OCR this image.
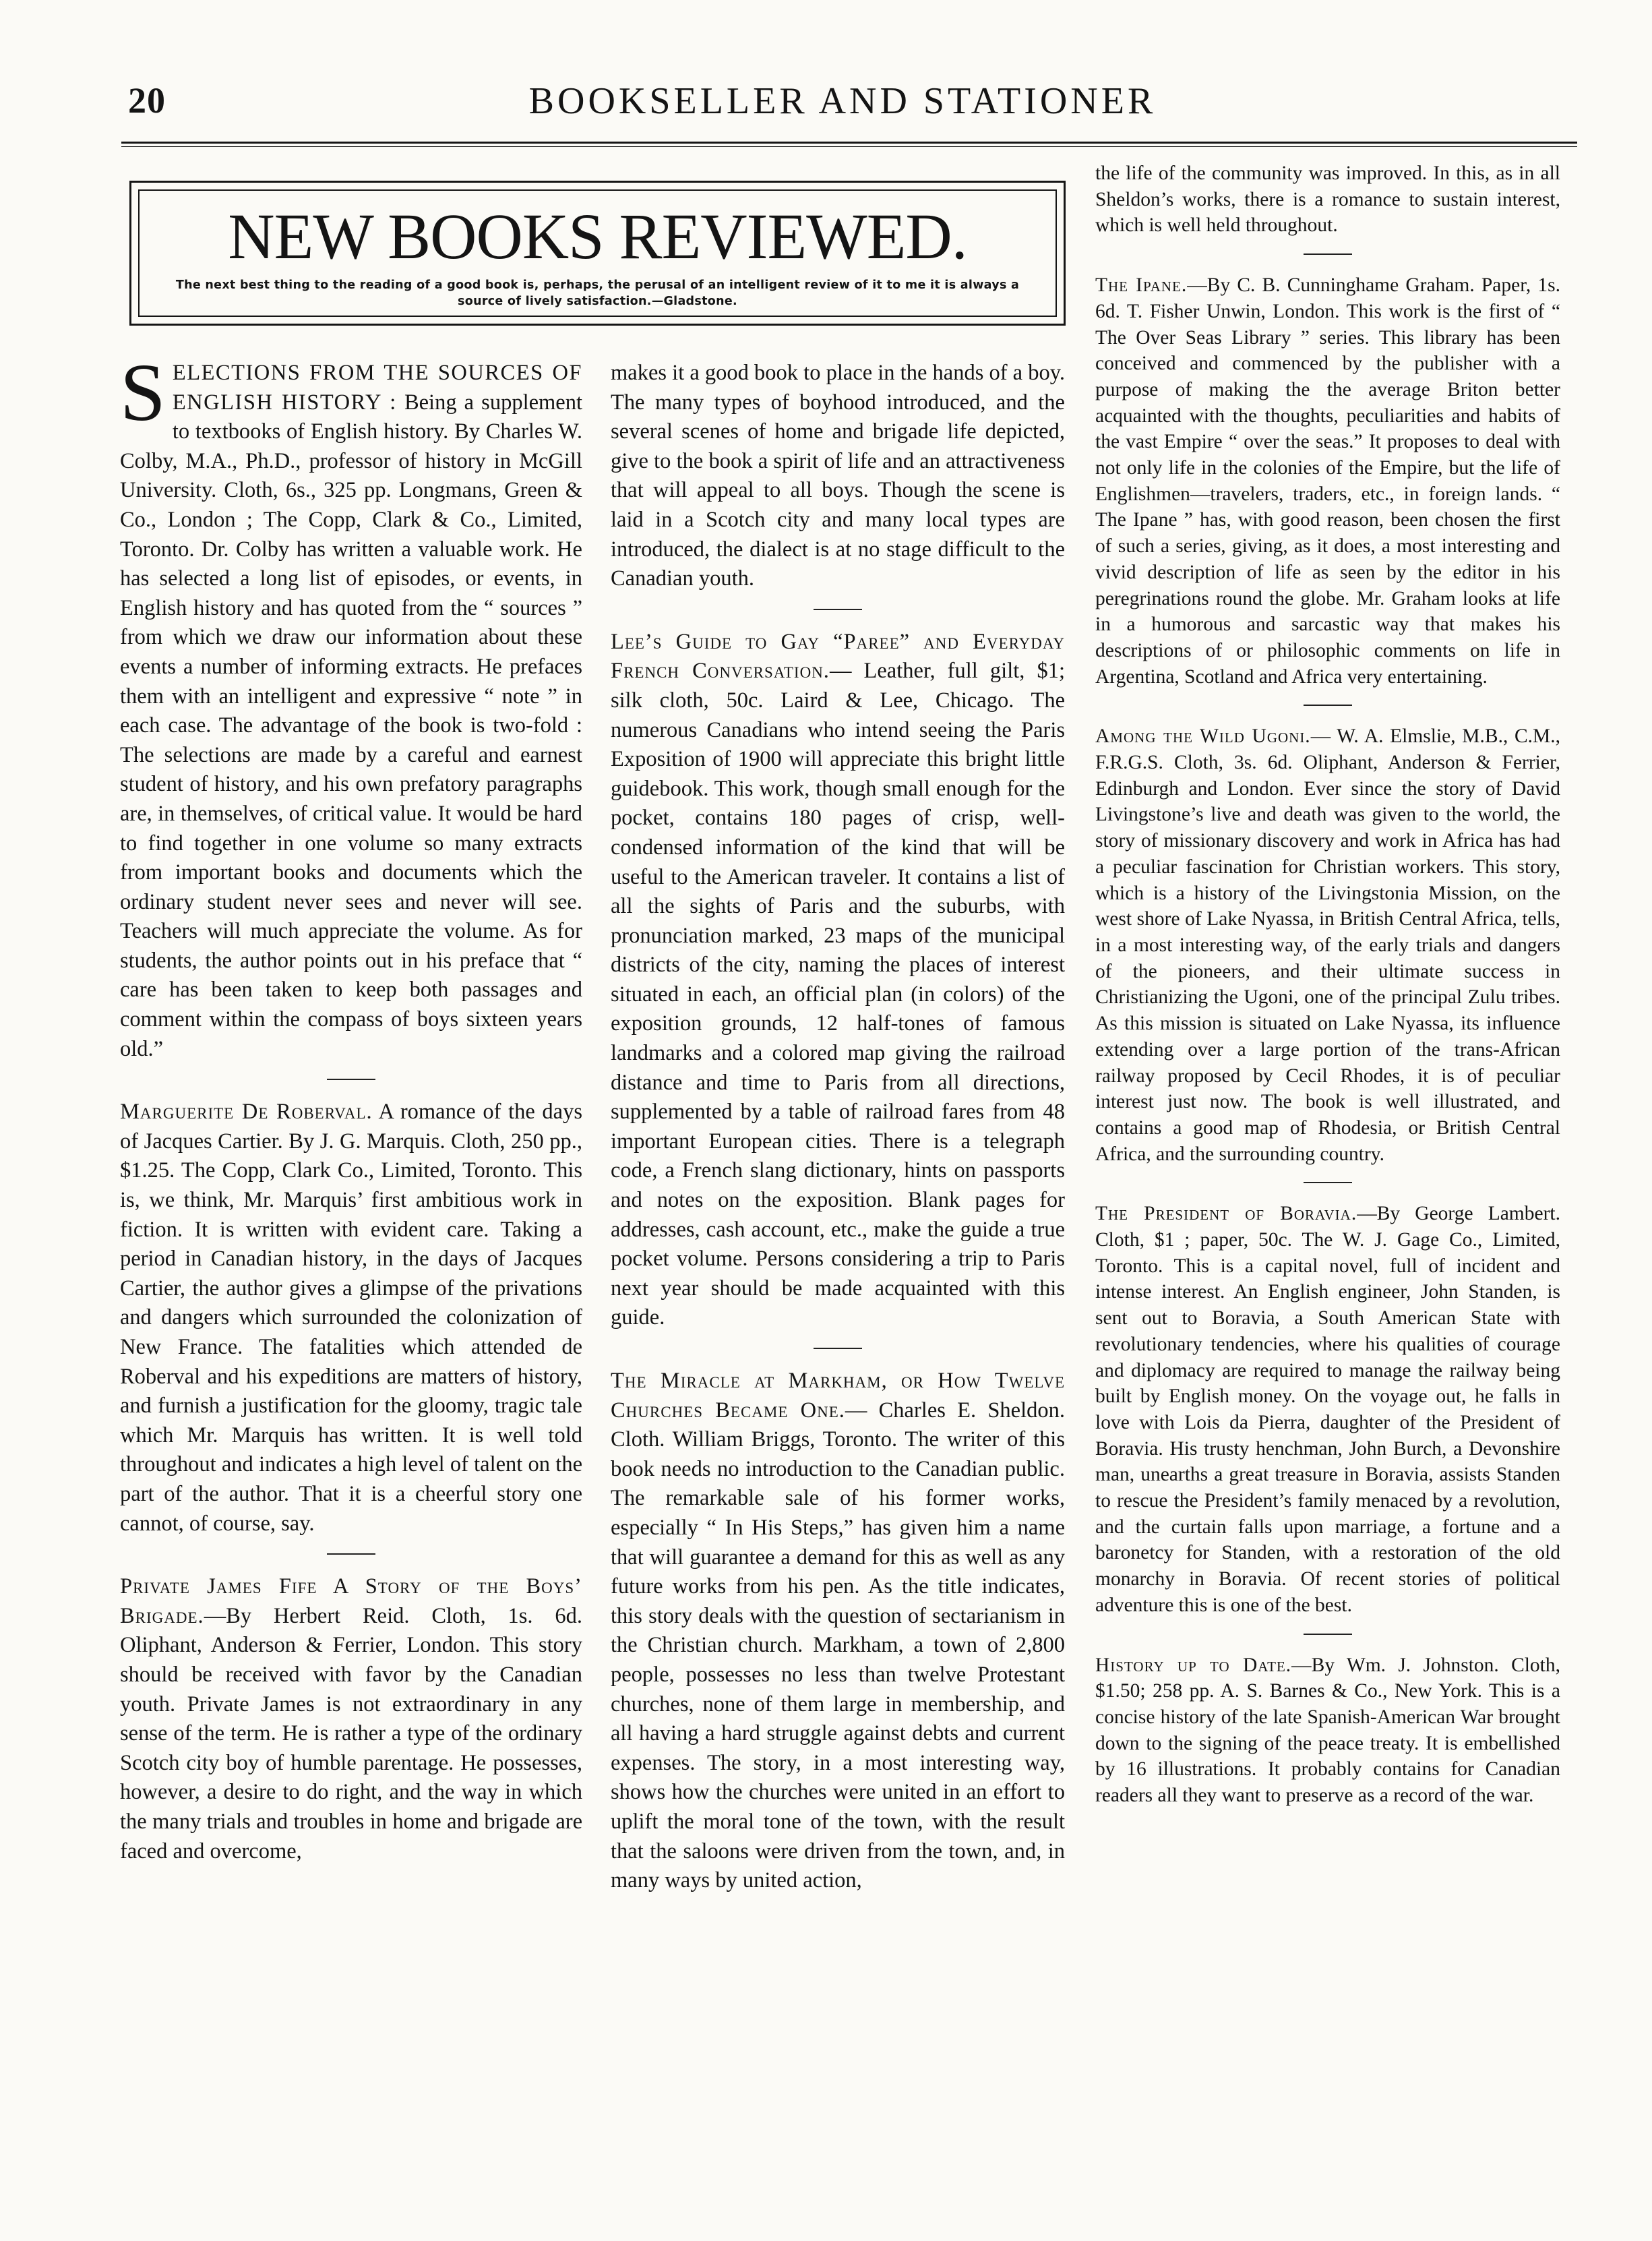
20	BOOKSELLER AND STATIONER
NEW BOOKS REVIEWED.
The next best thing to the reading of a good book is, perhaps, the perusal of an intelligent review of it to me it is always a source of lively satisfaction.—Gladstone.

SELECTIONS FROM THE SOURCES OF ENGLISH HISTORY : Being a supplement to textbooks of English history. By Charles W. Colby, M.A., Ph.D., professor of history in McGill University. Cloth, 6s., 325 pp. Longmans, Green & Co., London ; The Copp, Clark & Co., Limited, Toronto. Dr. Colby has written a valuable work. He has selected a long list of episodes, or events, in English history and has quoted from the “ sources ” from which we draw our information about these events a number of informing extracts. He prefaces them with an intelligent and expressive “ note ” in each case. The advantage of the book is two-fold : The selections are made by a careful and earnest student of history, and his own prefatory paragraphs are, in themselves, of critical value. It would be hard to find together in one volume so many extracts from important books and documents which the ordinary student never sees and never will see. Teachers will much appreciate the volume. As for students, the author points out in his preface that “ care has been taken to keep both passages and comment within the compass of boys sixteen years old.”

Marguerite De Roberval. A romance of the days of Jacques Cartier. By J. G. Marquis. Cloth, 250 pp., $1.25. The Copp, Clark Co., Limited, Toronto. This is, we think, Mr. Marquis’ first ambitious work in fiction. It is written with evident care. Taking a period in Canadian history, in the days of Jacques Cartier, the author gives a glimpse of the privations and dangers which surrounded the colonization of New France. The fatalities which attended de Roberval and his expeditions are matters of history, and furnish a justification for the gloomy, tragic tale which Mr. Marquis has written. It is well told throughout and indicates a high level of talent on the part of the author. That it is a cheerful story one cannot, of course, say.

Private James Fife A Story of the Boys’ Brigade.—By Herbert Reid. Cloth, 1s. 6d. Oliphant, Anderson & Ferrier, London. This story should be received with favor by the Canadian youth. Private James is not extraordinary in any sense of the term. He is rather a type of the ordinary Scotch city boy of humble parentage. He possesses, however, a desire to do right, and the way in which the many trials and troubles in home and brigade are faced and overcome,

makes it a good book to place in the hands of a boy. The many types of boyhood introduced, and the several scenes of home and brigade life depicted, give to the book a spirit of life and an attractiveness that will appeal to all boys. Though the scene is laid in a Scotch city and many local types are introduced, the dialect is at no stage difficult to the Canadian youth.

Lee’s Guide to Gay “Paree” and Everyday French Conversation.— Leather, full gilt, $1; silk cloth, 50c. Laird & Lee, Chicago. The numerous Canadians who intend seeing the Paris Exposition of 1900 will appreciate this bright little guidebook. This work, though small enough for the pocket, contains 180 pages of crisp, well-condensed information of the kind that will be useful to the American traveler. It contains a list of all the sights of Paris and the suburbs, with pronunciation marked, 23 maps of the municipal districts of the city, naming the places of interest situated in each, an official plan (in colors) of the exposition grounds, 12 half-tones of famous landmarks and a colored map giving the railroad distance and time to Paris from all directions, supplemented by a table of railroad fares from 48 important European cities. There is a telegraph code, a French slang dictionary, hints on passports and notes on the exposition. Blank pages for addresses, cash account, etc., make the guide a true pocket volume. Persons considering a trip to Paris next year should be made acquainted with this guide.

The Miracle at Markham, or How Twelve Churches Became One.— Charles E. Sheldon. Cloth. William Briggs, Toronto. The writer of this book needs no introduction to the Canadian public. The remarkable sale of his former works, especially “ In His Steps,” has given him a name that will guarantee a demand for this as well as any future works from his pen. As the title indicates, this story deals with the question of sectarianism in the Christian church. Markham, a town of 2,800 people, possesses no less than twelve Protestant churches, none of them large in membership, and all having a hard struggle against debts and current expenses. The story, in a most interesting way, shows how the churches were united in an effort to uplift the moral tone of the town, with the result that the saloons were driven from the town, and, in many ways by united action,

the life of the community was improved. In this, as in all Sheldon’s works, there is a romance to sustain interest, which is well held throughout.

The Ipane.—By C. B. Cunninghame Graham. Paper, 1s. 6d. T. Fisher Unwin, London. This work is the first of “ The Over Seas Library ” series. This library has been conceived and commenced by the publisher with a purpose of making the the average Briton better acquainted with the thoughts, peculiarities and habits of the vast Empire “ over the seas.” It proposes to deal with not only life in the colonies of the Empire, but the life of Englishmen—travelers, traders, etc., in foreign lands. “ The Ipane ” has, with good reason, been chosen the first of such a series, giving, as it does, a most interesting and vivid description of life as seen by the editor in his peregrinations round the globe. Mr. Graham looks at life in a humorous and sarcastic way that makes his descriptions of or philosophic comments on life in Argentina, Scotland and Africa very entertaining.

Among the Wild Ugoni.— W. A. Elmslie, M.B., C.M., F.R.G.S. Cloth, 3s. 6d. Oliphant, Anderson & Ferrier, Edinburgh and London. Ever since the story of David Livingstone’s live and death was given to the world, the story of missionary discovery and work in Africa has had a peculiar fascination for Christian workers. This story, which is a history of the Livingstonia Mission, on the west shore of Lake Nyassa, in British Central Africa, tells, in a most interesting way, of the early trials and dangers of the pioneers, and their ultimate success in Christianizing the Ugoni, one of the principal Zulu tribes. As this mission is situated on Lake Nyassa, its influence extending over a large portion of the trans-African railway proposed by Cecil Rhodes, it is of peculiar interest just now. The book is well illustrated, and contains a good map of Rhodesia, or British Central Africa, and the surrounding country.

The President of Boravia.—By George Lambert. Cloth, $1 ; paper, 50c. The W. J. Gage Co., Limited, Toronto. This is a capital novel, full of incident and intense interest. An English engineer, John Standen, is sent out to Boravia, a South American State with revolutionary tendencies, where his qualities of courage and diplomacy are required to manage the railway being built by English money. On the voyage out, he falls in love with Lois da Pierra, daughter of the President of Boravia. His trusty henchman, John Burch, a Devonshire man, unearths a great treasure in Boravia, assists Standen to rescue the President’s family menaced by a revolution, and the curtain falls upon marriage, a fortune and a baronetcy for Standen, with a restoration of the old monarchy in Boravia. Of recent stories of political adventure this is one of the best.

History up to Date.—By Wm. J. Johnston. Cloth, $1.50; 258 pp. A. S. Barnes & Co., New York. This is a concise history of the late Spanish-American War brought down to the signing of the peace treaty. It is embellished by 16 illustrations. It probably contains for Canadian readers all they want to preserve as a record of the war.
